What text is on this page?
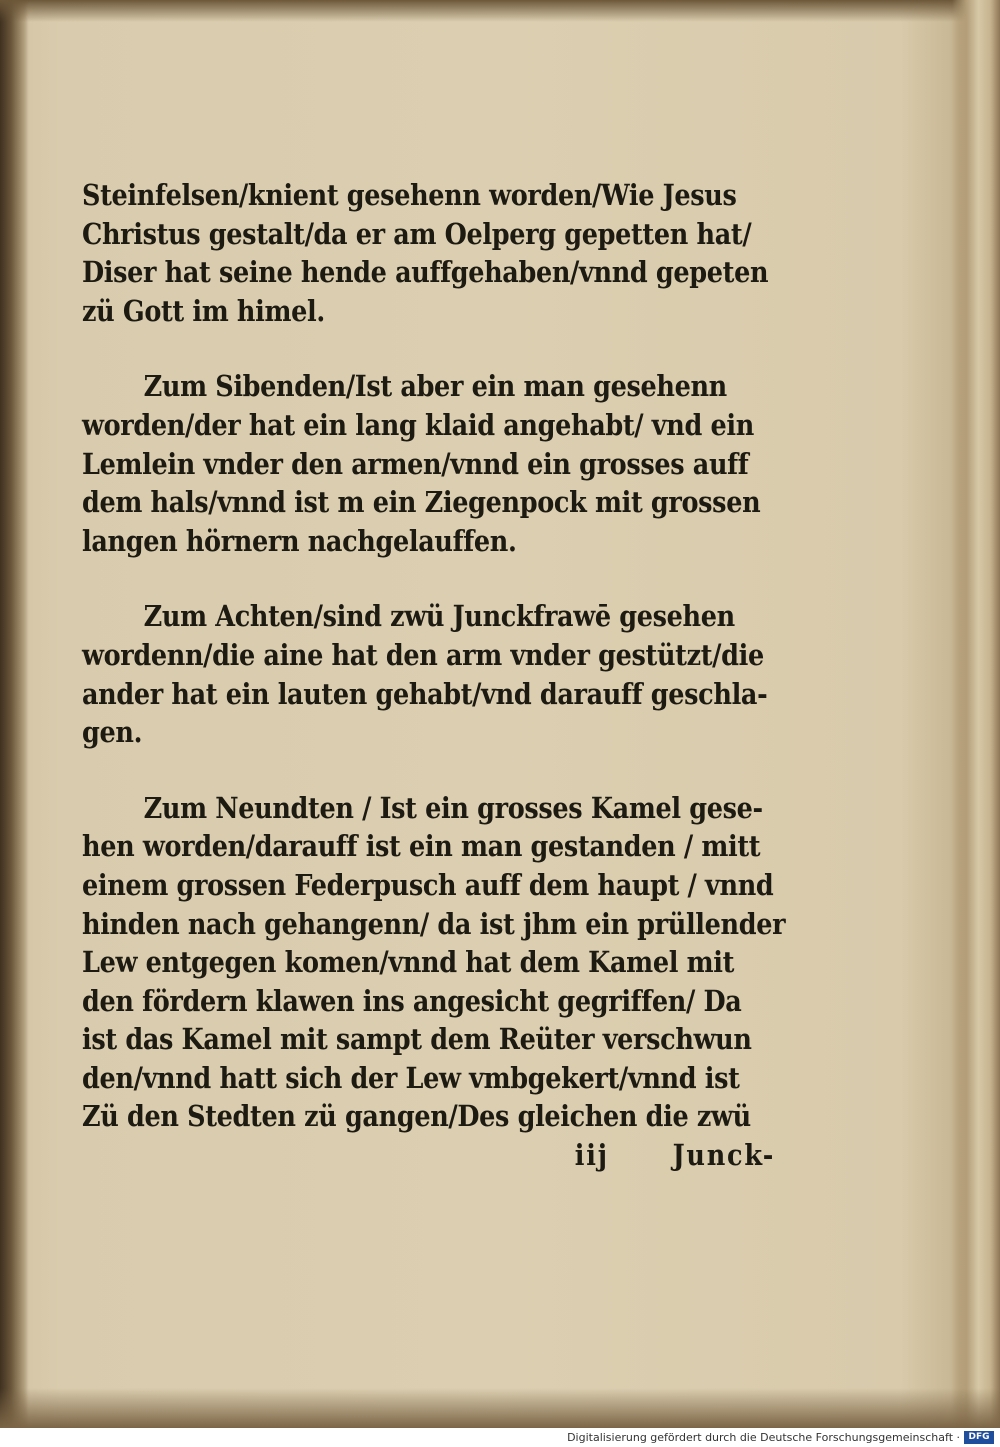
Steinfelsen/knient gesehenn worden/Wie Jesus
Christus gestalt/da er am Oelperg gepetten hat/
Diser hat seine hende auffgehaben/vnnd gepeten
zü Gott im himel.
Zum Sibenden/Ist aber ein man gesehenn
worden/der hat ein lang klaid angehabt/ vnd ein
Lemlein vnder den armen/vnnd ein grosses auff
dem hals/vnnd ist m ein Ziegenpock mit grossen
langen hörnern nachgelauffen.
Zum Achten/sind zwü Junckfrawē gesehen
wordenn/die aine hat den arm vnder gestützt/die
ander hat ein lauten gehabt/vnd darauff geschla-
gen.
Zum Neundten / Ist ein grosses Kamel gese-
hen worden/darauff ist ein man gestanden / mitt
einem grossen Federpusch auff dem haupt / vnnd
hinden nach gehangenn/ da ist jhm ein prüllender
Lew entgegen komen/vnnd hat dem Kamel mit
den fördern klawen ins angesicht gegriffen/ Da
ist das Kamel mit sampt dem Reüter verschwun
den/vnnd hatt sich der Lew vmbgekert/vnnd ist
Zü den Stedten zü gangen/Des gleichen die zwü
iij Junck-
Digitalisierung gefördert durch die Deutsche Forschungsgemeinschaft · DFG
